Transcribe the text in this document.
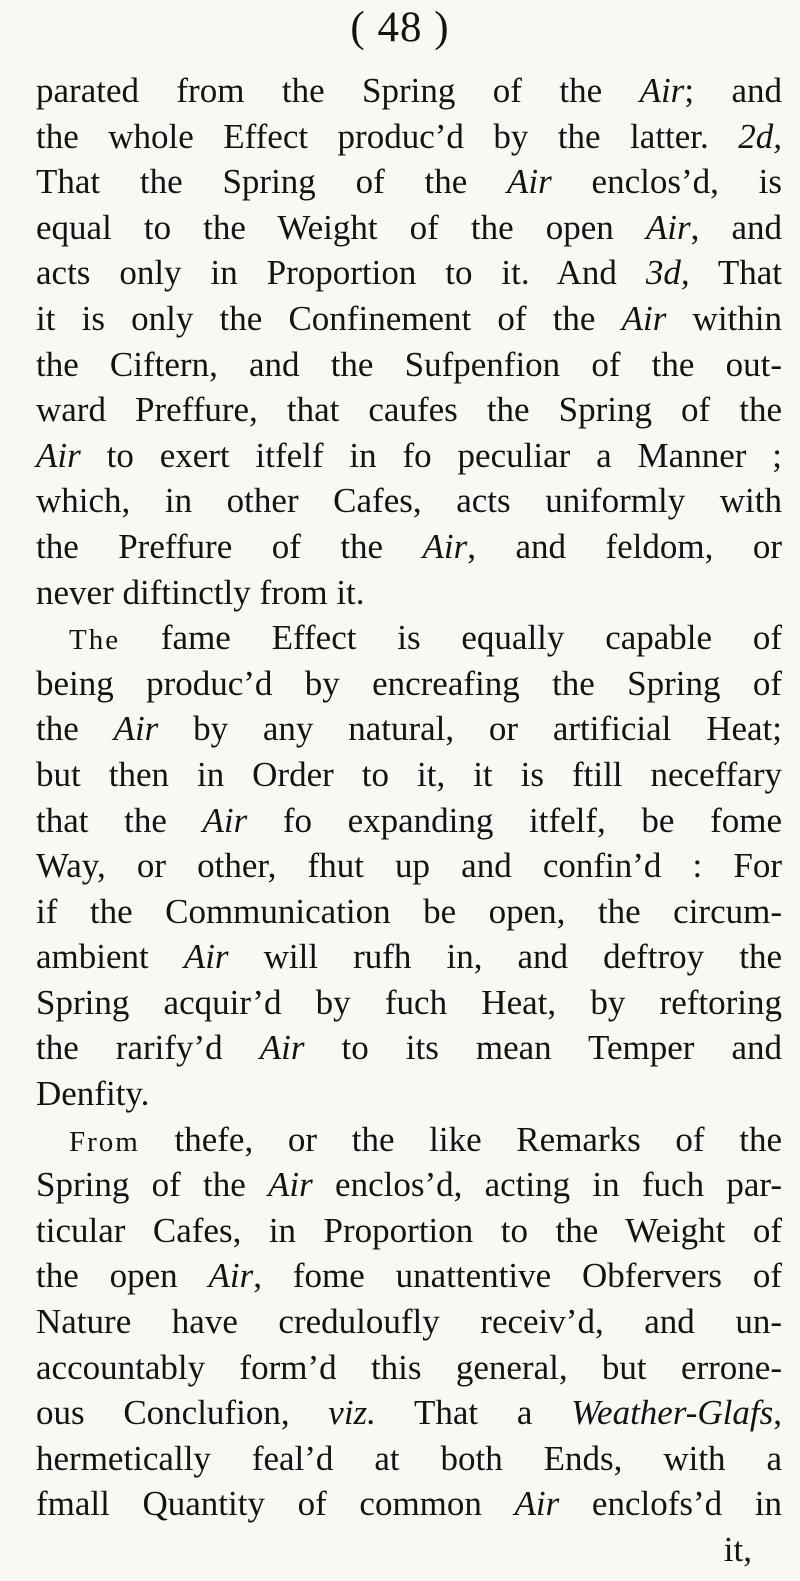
( 48 )
parated from the Spring of the Air; and
the whole Effect produc’d by the latter. 2d,
That the Spring of the Air enclos’d, is
equal to the Weight of the open Air, and
acts only in Proportion to it. And 3d, That
it is only the Confinement of the Air within
the Ciftern, and the Sufpenfion of the out-
ward Preffure, that caufes the Spring of the
Air to exert itfelf in fo peculiar a Manner ;
which, in other Cafes, acts uniformly with
the Preffure of the Air, and feldom, or
never diftinctly from it.
The fame Effect is equally capable of
being produc’d by encreafing the Spring of
the Air by any natural, or artificial Heat;
but then in Order to it, it is ftill neceffary
that the Air fo expanding itfelf, be fome
Way, or other, fhut up and confin’d : For
if the Communication be open, the circum-
ambient Air will rufh in, and deftroy the
Spring acquir’d by fuch Heat, by reftoring
the rarify’d Air to its mean Temper and
Denfity.
From thefe, or the like Remarks of the
Spring of the Air enclos’d, acting in fuch par-
ticular Cafes, in Proportion to the Weight of
the open Air, fome unattentive Obfervers of
Nature have creduloufly receiv’d, and un-
accountably form’d this general, but errone-
ous Conclufion, viz. That a Weather-Glafs,
hermetically feal’d at both Ends, with a
fmall Quantity of common Air enclofs’d in
it,
